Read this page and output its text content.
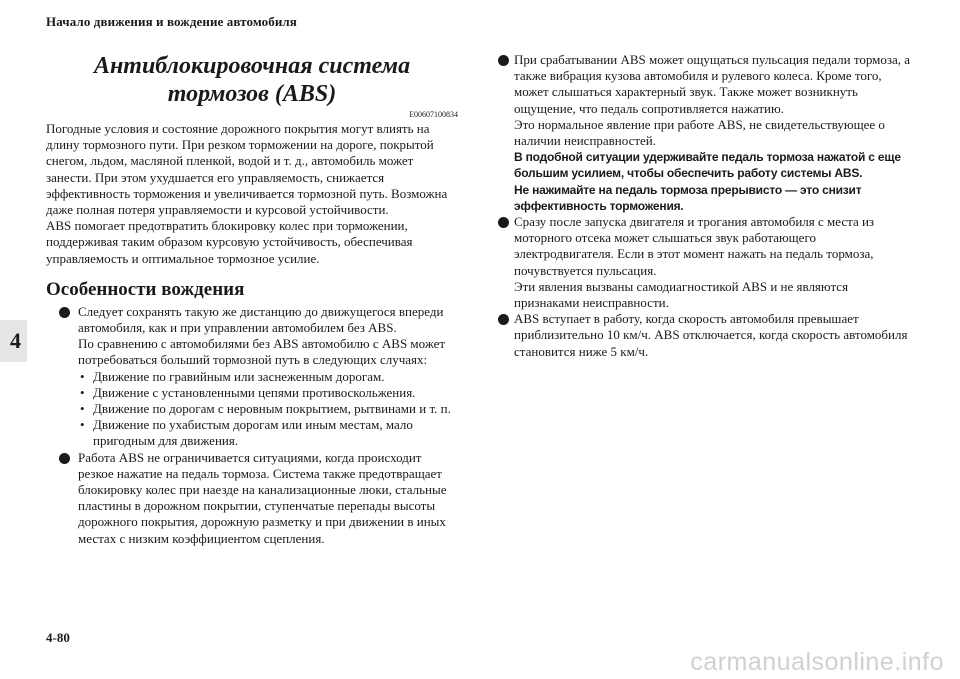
Начало движения и вождение автомобиля
4
4-80
Антиблокировочная система тормозов (ABS)
E00607100834

Погодные условия и состояние дорожного покрытия могут влиять на длину тормозного пути. При резком торможении на дороге, покрытой снегом, льдом, масляной пленкой, водой и т. д., автомобиль может занести. При этом ухудшается его управляемость, снижается эффективность торможения и увеличивается тормозной путь. Возможна даже полная потеря управляемости и курсовой устойчивости.

ABS помогает предотвратить блокировку колес при торможении, поддерживая таким образом курсовую устойчивость, обеспечивая управляемость и оптимальное тормозное усилие.

Особенности вождения

Следует сохранять такую же дистанцию до движущегося впереди автомобиля, как и при управлении автомобилем без ABS.

По сравнению с автомобилями без ABS автомобилю с ABS может потребоваться больший тормозной путь в следующих случаях:

• Движение по гравийным или заснеженным дорогам.
• Движение с установленными цепями противоскольжения.
• Движение по дорогам с неровным покрытием, рытвинами и т. п.
• Движение по ухабистым дорогам или иным местам, мало пригодным для движения.

Работа ABS не ограничивается ситуациями, когда происходит резкое нажатие на педаль тормоза. Система также предотвращает блокировку колес при наезде на канализационные люки, стальные пластины в дорожном покрытии, ступенчатые перепады высоты дорожного покрытия, дорожную разметку и при движении в иных местах с низким коэффициентом сцепления.

При срабатывании ABS может ощущаться пульсация педали тормоза, а также вибрация кузова автомобиля и рулевого колеса. Кроме того, может слышаться характерный звук. Также может возникнуть ощущение, что педаль сопротивляется нажатию.

Это нормальное явление при работе ABS, не свидетельствующее о наличии неисправностей.

В подобной ситуации удерживайте педаль тормоза нажатой с еще большим усилием, чтобы обеспечить работу системы ABS.

Не нажимайте на педаль тормоза прерывисто — это снизит эффективность торможения.

Сразу после запуска двигателя и трогания автомобиля с места из моторного отсека может слышаться звук работающего электродвигателя. Если в этот момент нажать на педаль тормоза, почувствуется пульсация.

Эти явления вызваны самодиагностикой ABS и не являются признаками неисправности.

ABS вступает в работу, когда скорость автомобиля превышает приблизительно 10 км/ч. ABS отключается, когда скорость автомобиля становится ниже 5 км/ч.

carmanualsonline.info
